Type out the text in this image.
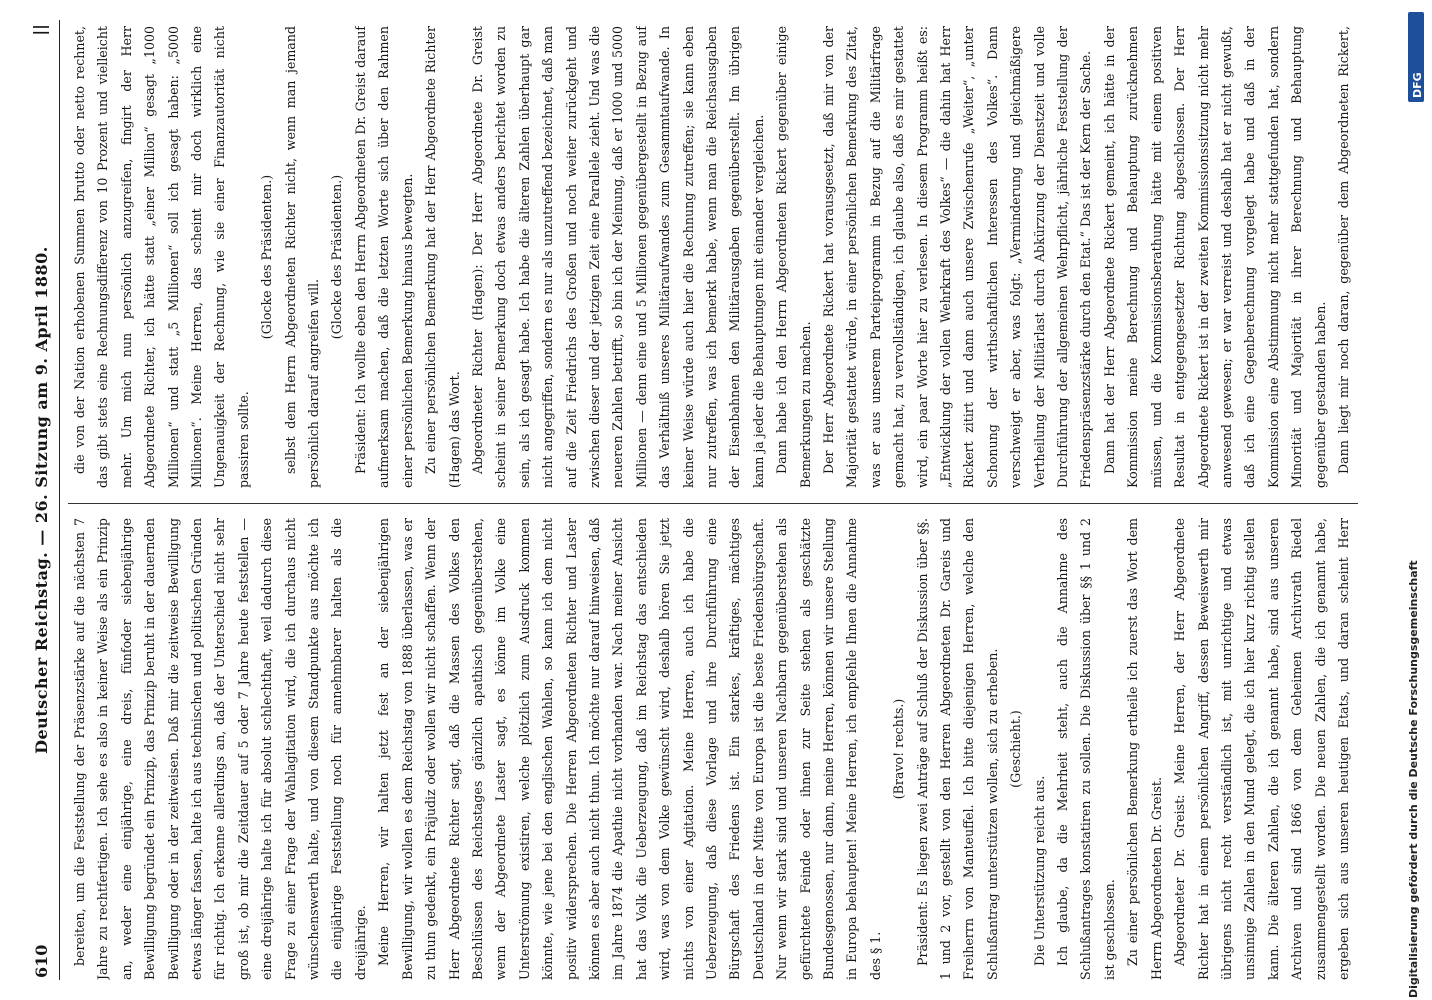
610
Deutscher Reichstag. — 26. Sitzung am 9. April 1880.
||

bereiten, um die Feststellung der Präsenzstärke auf die nächsten 7 Jahre zu rechtfertigen. Ich sehe es also in keiner Weise als ein Prinzip an, weder eine einjährige, eine dreis, fünfoder siebenjährige Bewilligung begründet ein Prinzip, das Prinzip beruht in der dauernden Bewilligung oder in der zeitweisen. Daß mir die zeitweise Bewilligung etwas länger fassen, halte ich aus technischen und politischen Gründen für richtig. Ich erkenne allerdings an, daß der Unterschied nicht sehr groß ist, ob mir die Zeitdauer auf 5 oder 7 Jahre heute feststellen — eine dreijährige halte ich für absolut schlechthaft, weil dadurch diese Frage zu einer Frage der Wahlagitation wird, die ich durchaus nicht wünschenswerth halte, und von diesem Standpunkte aus möchte ich die einjährige Feststellung noch für annehmbarer halten als die dreijährige. Meine Herren, wir halten jetzt fest an der siebenjährigen Bewilligung, wir wollen es dem Reichstag von 1888 überlassen, was er zu thun gedenkt, ein Präjudiz oder wollen wir nicht schaffen. Wenn der Herr Abgeordnete Richter sagt, daß die Massen des Volkes den Beschlüssen des Reichstages gänzlich apathisch gegenüberstehen, wenn der Abgeordnete Laster sagt, es könne im Volke eine Unterströmung existiren, welche plötzlich zum Ausdruck kommen könnte, wie jene bei den englischen Wahlen, so kann ich dem nicht positiv widersprechen. Die Herren Abgeordneten Richter und Laster können es aber auch nicht thun. Ich möchte nur darauf hinweisen, daß im Jahre 1874 die Apathie nicht vorhanden war. Nach meiner Ansicht hat das Volk die Ueberzeugung, daß im Reichstag das entschieden wird, was von dem Volke gewünscht wird, deshalb hören Sie jetzt nichts von einer Agitation. Meine Herren, auch ich habe die Ueberzeugung, daß diese Vorlage und ihre Durchführung eine Bürgschaft des Friedens ist. Ein starkes, kräftiges, mächtiges Deutschland in der Mitte von Europa ist die beste Friedensbürgschaft. Nur wenn wir stark sind und unseren Nachbarn gegenüberstehen als gefürchtete Feinde oder ihnen zur Seite stehen als geschätzte Bundesgenossen, nur dann, meine Herren, können wir unsere Stellung in Europa behaupten! Meine Herren, ich empfehle Ihnen die Annahme des § 1.

(Bravo! rechts.) Präsident: Es liegen zwei Anträge auf Schluß der Diskussion über §§. 1 und 2 vor, gestellt von den Herren Abgeordneten Dr. Gareis und Freiherrn von Manteuffel. Ich bitte diejenigen Herren, welche den Schlußantrag unterstützen wollen, sich zu erheben. (Geschieht.)

Die Unterstützung reicht aus. Ich glaube, da die Mehrheit steht, auch die Annahme des Schlußantrages konstatiren zu sollen. Die Diskussion über §§ 1 und 2 ist geschlossen. Zu einer persönlichen Bemerkung ertheile ich zuerst das Wort dem Herrn Abgeordneten Dr. Greist. Abgeordneter Dr. Greist: Meine Herren, der Herr Abgeordnete Richter hat in einem persönlichen Angriff, dessen Beweiswerth mir übrigens nicht recht verständlich ist, mit unrichtige und etwas unsinnige Zahlen in den Mund gelegt, die ich hier kurz richtig stellen kann. Die älteren Zahlen, die ich genannt habe, sind aus unseren Archiven und sind 1866 von dem Geheimen Archivrath Riedel zusammengestellt worden. Die neuen Zahlen, die ich genannt habe, ergeben sich aus unseren heutigen Etats, und daran scheint Herr

die von der Nation erhobenen Summen brutto oder netto rechnet, das gibt stets eine Rechnungsdifferenz von 10 Prozent und vielleicht mehr. Um mich nun persönlich anzugreifen, fingirt der Herr Abgeordnete Richter, ich hätte statt „einer Million“ gesagt „1000 Millionen“ und statt „5 Millionen“ soll ich gesagt haben: „5000 Millionen“. Meine Herren, das scheint mir doch wirklich eine Ungenauigkeit der Rechnung, wie sie einer Finanzautorität nicht passiren sollte.

(Glocke des Präsidenten.) selbst dem Herrn Abgeordneten Richter nicht, wenn man jemand persönlich darauf angreifen will.

(Glocke des Präsidenten.) Präsident: Ich wollte eben den Herrn Abgeordneten Dr. Greist darauf aufmerksam machen, daß die letzten Worte sich über den Rahmen einer persönlichen Bemerkung hinaus bewegten. Zu einer persönlichen Bemerkung hat der Herr Abgeordnete Richter (Hagen) das Wort. Abgeordneter Richter (Hagen): Der Herr Abgeordnete Dr. Greist scheint in seiner Bemerkung doch etwas anders berichtet worden zu sein, als ich gesagt habe. Ich habe die älteren Zahlen überhaupt gar nicht angegriffen, sondern es nur als unzutreffend bezeichnet, daß man auf die Zeit Friedrichs des Großen und noch weiter zurückgeht und zwischen dieser und der jetzigen Zeit eine Parallele zieht. Und was die neueren Zahlen betrifft, so bin ich der Meinung, daß er 1000 und 5000 Millionen — denn eine und 5 Millionen gegenübergestellt in Bezug auf das Verhältniß unseres Militäraufwandes zum Gesammtaufwande. In keiner Weise würde auch hier die Rechnung zutreffen; sie kann eben nur zutreffen, was ich bemerkt habe, wenn man die Reichsausgaben der Eisenbahnen den Militärausgaben gegenüberstellt. Im übrigen kann ja jeder die Behauptungen mit einander vergleichen. Dann habe ich den Herrn Abgeordneten Rickert gegenüber einige Bemerkungen zu machen. Der Herr Abgeordnete Rickert hat vorausgesetzt, daß mir von der Majorität gestattet würde, in einer persönlichen Bemerkung des Zitat, was er aus unserem Parteiprogramm in Bezug auf die Militärfrage gemacht hat, zu vervollständigen, ich glaube also, daß es mir gestattet wird, ein paar Worte hier zu verlesen. In diesem Programm heißt es: „Entwicklung der vollen Wehrkraft des Volkes“ — die dahin hat Herr Rickert zitirt und dann auch unsere Zwischenrufe „Weiter“, „unter Schonung der wirthschaftlichen Interessen des Volkes“. Dann verschweigt er aber, was folgt: „Verminderung und gleichmäßigere Vertheilung der Militärlast durch Abkürzung der Dienstzeit und volle Durchführung der allgemeinen Wehrpflicht, jährliche Feststellung der Friedenspräsenzstärke durch den Etat.“ Das ist der Kern der Sache. Dann hat der Herr Abgeordnete Rickert gemeint, ich hätte in der Kommission meine Berechnung und Behauptung zurücknehmen müssen, und die Kommissionsberathung hätte mit einem positiven Resultat in entgegengesetzter Richtung abgeschlossen. Der Herr Abgeordnete Rickert ist in der zweiten Kommissionssitzung nicht mehr anwesend gewesen; er war verreist und deshalb hat er nicht gewußt, daß ich eine Gegenberechnung vorgelegt habe und daß in der Kommission eine Abstimmung nicht mehr stattgefunden hat, sondern Minorität und Majorität in ihrer Berechnung und Behauptung gegenüber gestanden haben. Dann liegt mir noch daran, gegenüber dem Abgeordneten Rickert,

DFG
Digitalisierung gefördert durch die Deutsche Forschungsgemeinschaft
